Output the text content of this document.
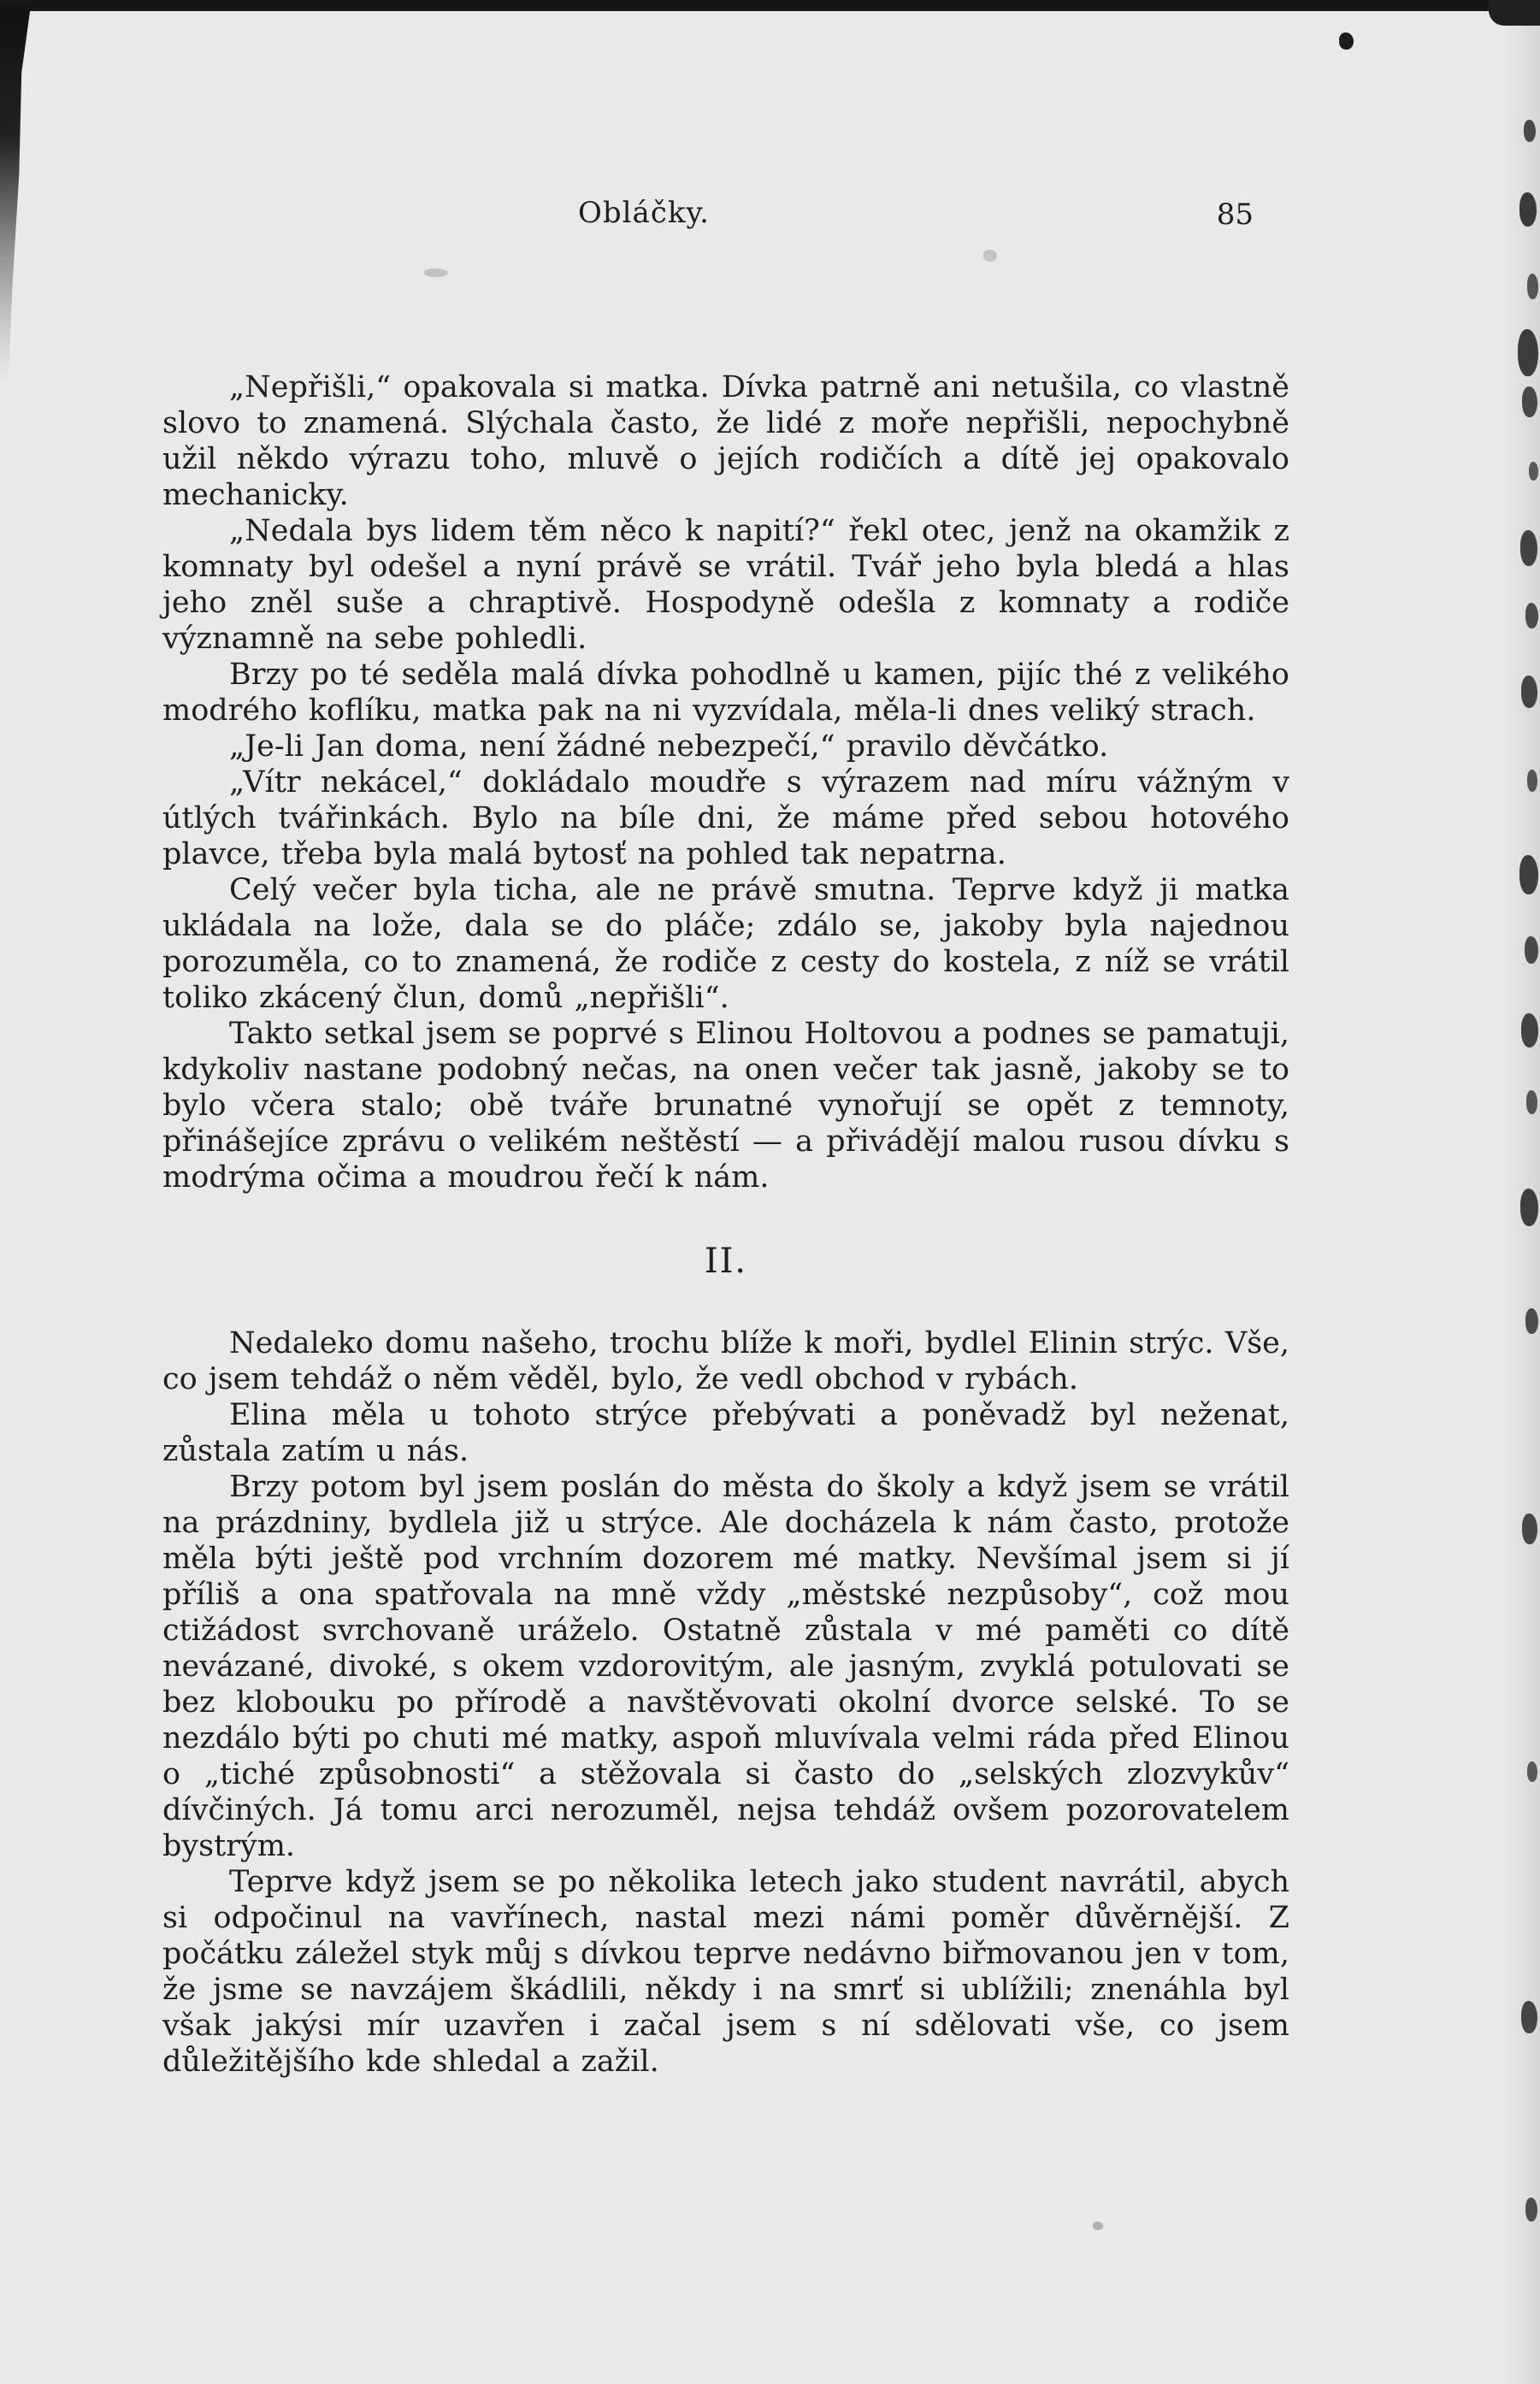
Obláčky.	85

„Nepřišli,“ opakovala si matka. Dívka patrně ani netušila, co vlastně slovo to znamená. Slýchala často, že lidé z moře nepřišli, nepochybně užil někdo výrazu toho, mluvě o jejích rodičích a dítě jej opakovalo mechanicky.

„Nedala bys lidem těm něco k napití?“ řekl otec, jenž na okamžik z komnaty byl odešel a nyní právě se vrátil. Tvář jeho byla bledá a hlas jeho zněl suše a chraptivě. Hospodyně odešla z komnaty a rodiče významně na sebe pohledli.

Brzy po té seděla malá dívka pohodlně u kamen, pijíc thé z velikého modrého koflíku, matka pak na ni vyzvídala, měla-li dnes veliký strach.

„Je-li Jan doma, není žádné nebezpečí,“ pravilo děvčátko.

„Vítr nekácel,“ dokládalo moudře s výrazem nad míru vážným v útlých tvářinkách. Bylo na bíle dni, že máme před sebou hotového plavce, třeba byla malá bytosť na pohled tak nepatrna.

Celý večer byla ticha, ale ne právě smutna. Teprve když ji matka ukládala na lože, dala se do pláče; zdálo se, jakoby byla najednou porozuměla, co to znamená, že rodiče z cesty do kostela, z níž se vrátil toliko zkácený člun, domů „nepřišli“.

Takto setkal jsem se poprvé s Elinou Holtovou a podnes se pamatuji, kdykoliv nastane podobný nečas, na onen večer tak jasně, jakoby se to bylo včera stalo; obě tváře brunatné vynořují se opět z temnoty, přinášejíce zprávu o velikém neštěstí — a přivádějí malou rusou dívku s modrýma očima a moudrou řečí k nám.

II.

Nedaleko domu našeho, trochu blíže k moři, bydlel Elinin strýc. Vše, co jsem tehdáž o něm věděl, bylo, že vedl obchod v rybách.

Elina měla u tohoto strýce přebývati a poněvadž byl neženat, zůstala zatím u nás.

Brzy potom byl jsem poslán do města do školy a když jsem se vrátil na prázdniny, bydlela již u strýce. Ale docházela k nám často, protože měla býti ještě pod vrchním dozorem mé matky. Nevšímal jsem si jí příliš a ona spatřovala na mně vždy „městské nezpůsoby“, což mou ctižádost svrchovaně uráželo. Ostatně zůstala v mé paměti co dítě nevázané, divoké, s okem vzdorovitým, ale jasným, zvyklá potulovati se bez klobouku po přírodě a navštěvovati okolní dvorce selské. To se nezdálo býti po chuti mé matky, aspoň mluvívala velmi ráda před Elinou o „tiché způsobnosti“ a stěžovala si často do „selských zlozvykův“ dívčiných. Já tomu arci nerozuměl, nejsa tehdáž ovšem pozorovatelem bystrým.

Teprve když jsem se po několika letech jako student navrátil, abych si odpočinul na vavřínech, nastal mezi námi poměr důvěrnější. Z počátku záležel styk můj s dívkou teprve nedávno biřmovanou jen v tom, že jsme se navzájem škádlili, někdy i na smrť si ublížili; znenáhla byl však jakýsi mír uzavřen i začal jsem s ní sdělovati vše, co jsem důležitějšího kde shledal a zažil.
